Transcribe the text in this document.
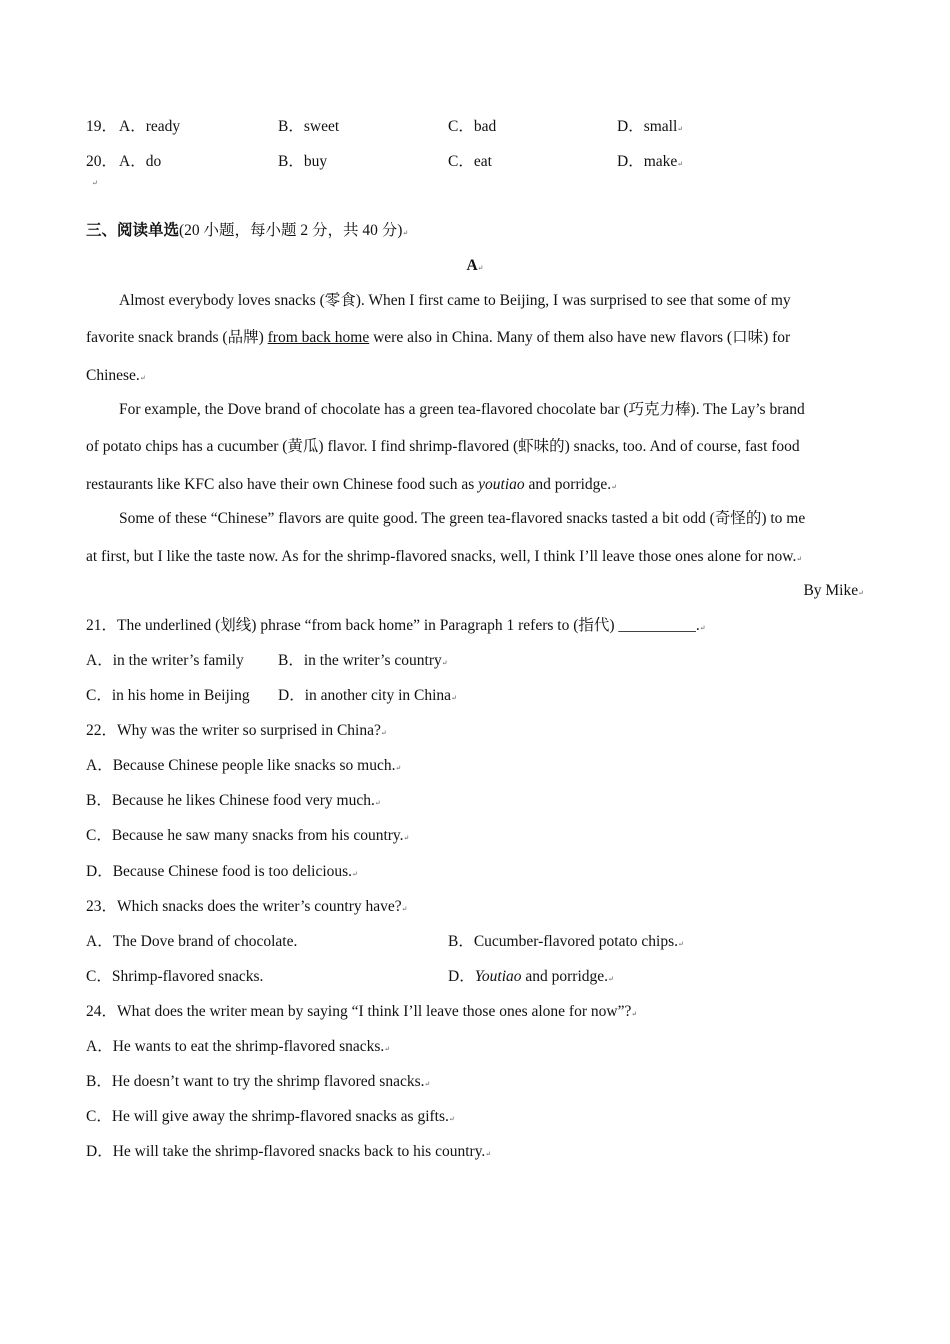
19． A．ready	B．sweet	C．bad	D．small↵
20． A．do	B．buy	C．eat	D．make↵
↵
三、阅读单选(20 小题，每小题 2 分，共 40 分)↵
A↵
Almost everybody loves snacks (零食). When I first came to Beijing, I was surprised to see that some of my
favorite snack brands (品牌) from back home were also in China. Many of them also have new flavors (口味) for
Chinese.↵
For example, the Dove brand of chocolate has a green tea-flavored chocolate bar (巧克力棒). The Lay’s brand
of potato chips has a cucumber (黄瓜) flavor. I find shrimp-flavored (虾味的) snacks, too. And of course, fast food
restaurants like KFC also have their own Chinese food such as youtiao and porridge.↵
Some of these “Chinese” flavors are quite good. The green tea-flavored snacks tasted a bit odd (奇怪的) to me
at first, but I like the taste now. As for the shrimp-flavored snacks, well, I think I’ll leave those ones alone for now.↵
By Mike↵
21．The underlined (划线) phrase “from back home” in Paragraph 1 refers to (指代) __________.↵
A．in the writer’s family B．in the writer’s country↵
C．in his home in Beijing D．in another city in China↵
22．Why was the writer so surprised in China?↵
A．Because Chinese people like snacks so much.↵
B．Because he likes Chinese food very much.↵
C．Because he saw many snacks from his country.↵
D．Because Chinese food is too delicious.↵
23．Which snacks does the writer’s country have?↵
A．The Dove brand of chocolate.	B．Cucumber-flavored potato chips.↵
C．Shrimp-flavored snacks.	D．Youtiao and porridge.↵
24．What does the writer mean by saying “I think I’ll leave those ones alone for now”?↵
A．He wants to eat the shrimp-flavored snacks.↵
B．He doesn’t want to try the shrimp flavored snacks.↵
C．He will give away the shrimp-flavored snacks as gifts.↵
D．He will take the shrimp-flavored snacks back to his country.↵
